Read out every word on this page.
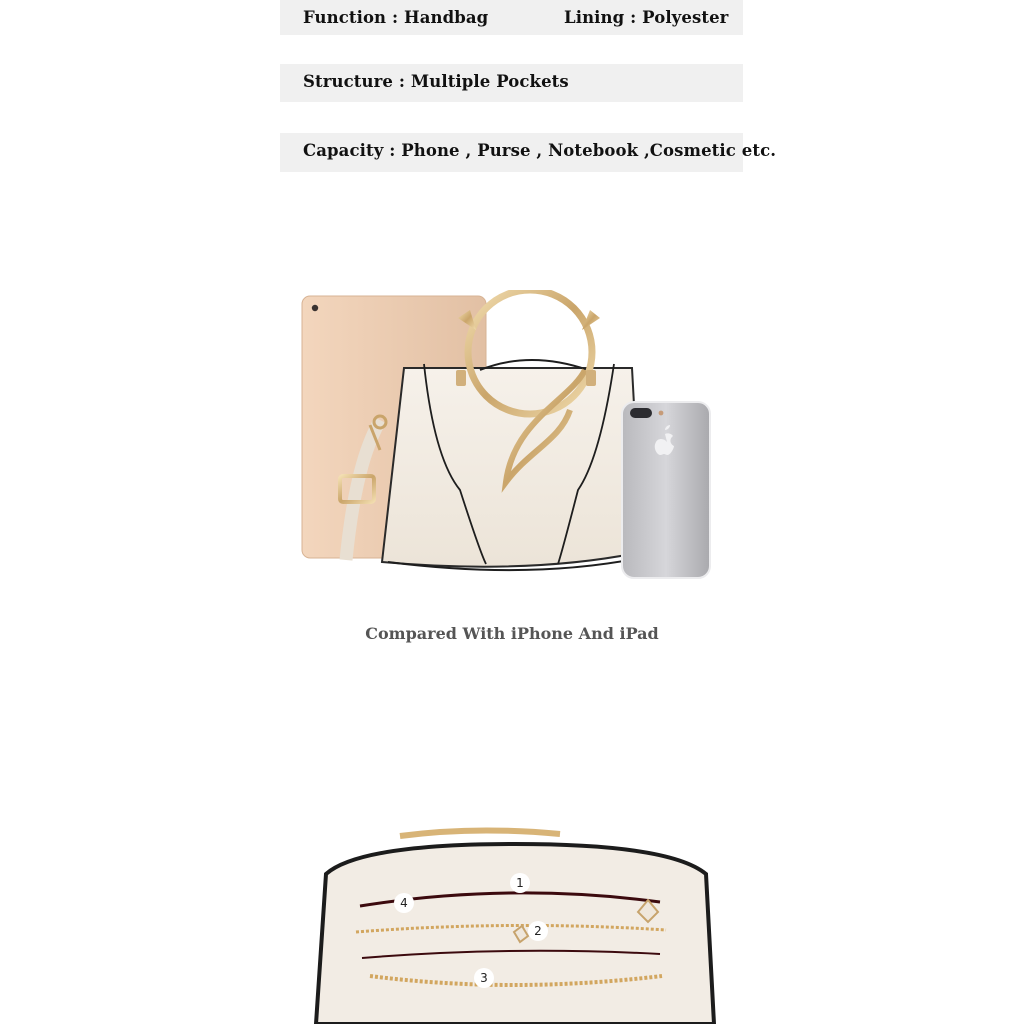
Function : Handbag	Lining : Polyester
Structure : Multiple Pockets
Capacity : Phone , Purse , Notebook ,Cosmetic etc.
Compared With iPhone And iPad
1
2
3
4
